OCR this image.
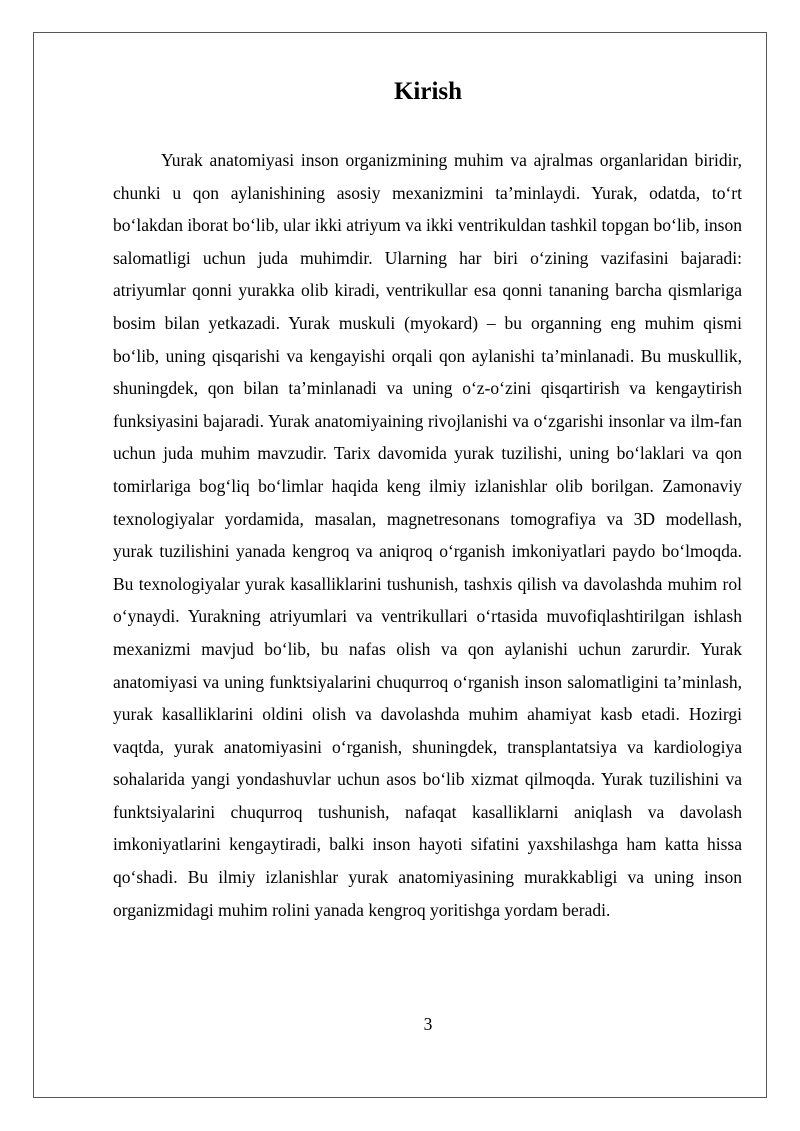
Kirish

Yurak anatomiyasi inson organizmining muhim va ajralmas organlaridan biridir, chunki u qon aylanishining asosiy mexanizmini ta’minlaydi. Yurak, odatda, to‘rt bo‘lakdan iborat bo‘lib, ular ikki atriyum va ikki ventrikuldan tashkil topgan bo‘lib, inson salomatligi uchun juda muhimdir. Ularning har biri o‘zining vazifasini bajaradi: atriyumlar qonni yurakka olib kiradi, ventrikullar esa qonni tananing barcha qismlariga bosim bilan yetkazadi. Yurak muskuli (myokard) – bu organning eng muhim qismi bo‘lib, uning qisqarishi va kengayishi orqali qon aylanishi ta’minlanadi. Bu muskullik, shuningdek, qon bilan ta’minlanadi va uning o‘z-o‘zini qisqartirish va kengaytirish funksiyasini bajaradi. Yurak anatomiyaining rivojlanishi va o‘zgarishi insonlar va ilm-fan uchun juda muhim mavzudir. Tarix davomida yurak tuzilishi, uning bo‘laklari va qon tomirlariga bog‘liq bo‘limlar haqida keng ilmiy izlanishlar olib borilgan. Zamonaviy texnologiyalar yordamida, masalan, magnetresonans tomografiya va 3D modellash, yurak tuzilishini yanada kengroq va aniqroq o‘rganish imkoniyatlari paydo bo‘lmoqda. Bu texnologiyalar yurak kasalliklarini tushunish, tashxis qilish va davolashda muhim rol o‘ynaydi. Yurakning atriyumlari va ventrikullari o‘rtasida muvofiqlashtirilgan ishlash mexanizmi mavjud bo‘lib, bu nafas olish va qon aylanishi uchun zarurdir. Yurak anatomiyasi va uning funktsiyalarini chuqurroq o‘rganish inson salomatligini ta’minlash, yurak kasalliklarini oldini olish va davolashda muhim ahamiyat kasb etadi. Hozirgi vaqtda, yurak anatomiyasini o‘rganish, shuningdek, transplantatsiya va kardiologiya sohalarida yangi yondashuvlar uchun asos bo‘lib xizmat qilmoqda. Yurak tuzilishini va funktsiyalarini chuqurroq tushunish, nafaqat kasalliklarni aniqlash va davolash imkoniyatlarini kengaytiradi, balki inson hayoti sifatini yaxshilashga ham katta hissa qo‘shadi. Bu ilmiy izlanishlar yurak anatomiyasining murakkabligi va uning inson organizmidagi muhim rolini yanada kengroq yoritishga yordam beradi.

3
